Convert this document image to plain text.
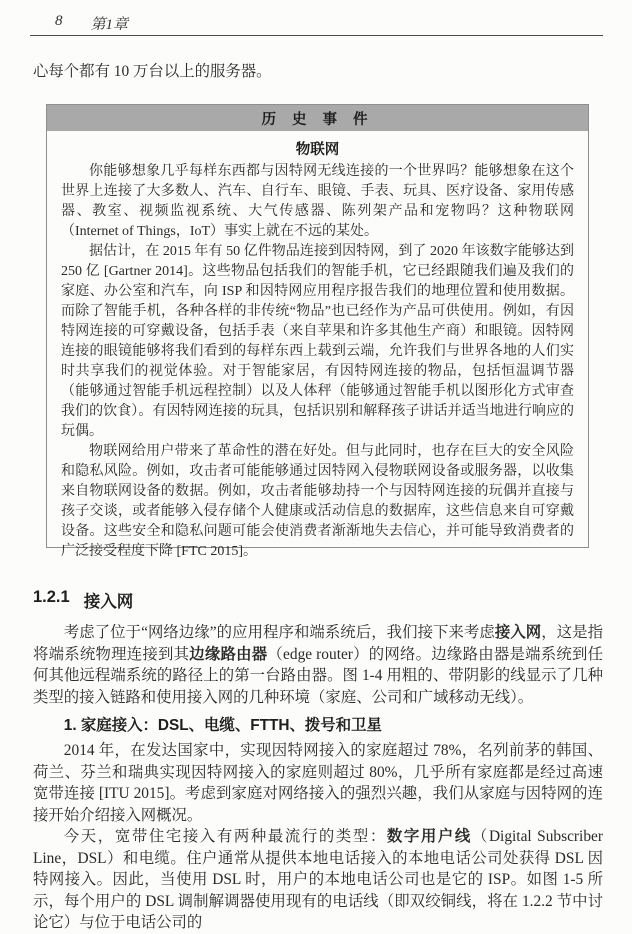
8 第1章

心每个都有 10 万台以上的服务器。

历 史 事 件
物联网

你能够想象几乎每样东西都与因特网无线连接的一个世界吗？能够想象在这个世界上连接了大多数人、汽车、自行车、眼镜、手表、玩具、医疗设备、家用传感器、教室、视频监视系统、大气传感器、陈列架产品和宠物吗？这种物联网（Internet of Things，IoT）事实上就在不远的某处。

据估计，在 2015 年有 50 亿件物品连接到因特网，到了 2020 年该数字能够达到 250 亿 [Gartner 2014]。这些物品包括我们的智能手机，它已经跟随我们遍及我们的家庭、办公室和汽车，向 ISP 和因特网应用程序报告我们的地理位置和使用数据。而除了智能手机，各种各样的非传统“物品”也已经作为产品可供使用。例如，有因特网连接的可穿戴设备，包括手表（来自苹果和许多其他生产商）和眼镜。因特网连接的眼镜能够将我们看到的每样东西上载到云端，允许我们与世界各地的人们实时共享我们的视觉体验。对于智能家居，有因特网连接的物品，包括恒温调节器（能够通过智能手机远程控制）以及人体秤（能够通过智能手机以图形化方式审查我们的饮食）。有因特网连接的玩具，包括识别和解释孩子讲话并适当地进行响应的玩偶。

物联网给用户带来了革命性的潜在好处。但与此同时，也存在巨大的安全风险和隐私风险。例如，攻击者可能能够通过因特网入侵物联网设备或服务器，以收集来自物联网设备的数据。例如，攻击者能够劫持一个与因特网连接的玩偶并直接与孩子交谈，或者能够入侵存储个人健康或活动信息的数据库，这些信息来自可穿戴设备。这些安全和隐私问题可能会使消费者渐渐地失去信心，并可能导致消费者的广泛接受程度下降 [FTC 2015]。

1.2.1 接入网

考虑了位于“网络边缘”的应用程序和端系统后，我们接下来考虑接入网，这是指将端系统物理连接到其边缘路由器（edge router）的网络。边缘路由器是端系统到任何其他远程端系统的路径上的第一台路由器。图 1-4 用粗的、带阴影的线显示了几种类型的接入链路和使用接入网的几种环境（家庭、公司和广域移动无线）。

1. 家庭接入：DSL、电缆、FTTH、拨号和卫星

2014 年，在发达国家中，实现因特网接入的家庭超过 78%，名列前茅的韩国、荷兰、芬兰和瑞典实现因特网接入的家庭则超过 80%，几乎所有家庭都是经过高速宽带连接 [ITU 2015]。考虑到家庭对网络接入的强烈兴趣，我们从家庭与因特网的连接开始介绍接入网概况。

今天，宽带住宅接入有两种最流行的类型：数字用户线（Digital Subscriber Line，DSL）和电缆。住户通常从提供本地电话接入的本地电话公司处获得 DSL 因特网接入。因此，当使用 DSL 时，用户的本地电话公司也是它的 ISP。如图 1-5 所示，每个用户的 DSL 调制解调器使用现有的电话线（即双绞铜线，将在 1.2.2 节中讨论它）与位于电话公司的
